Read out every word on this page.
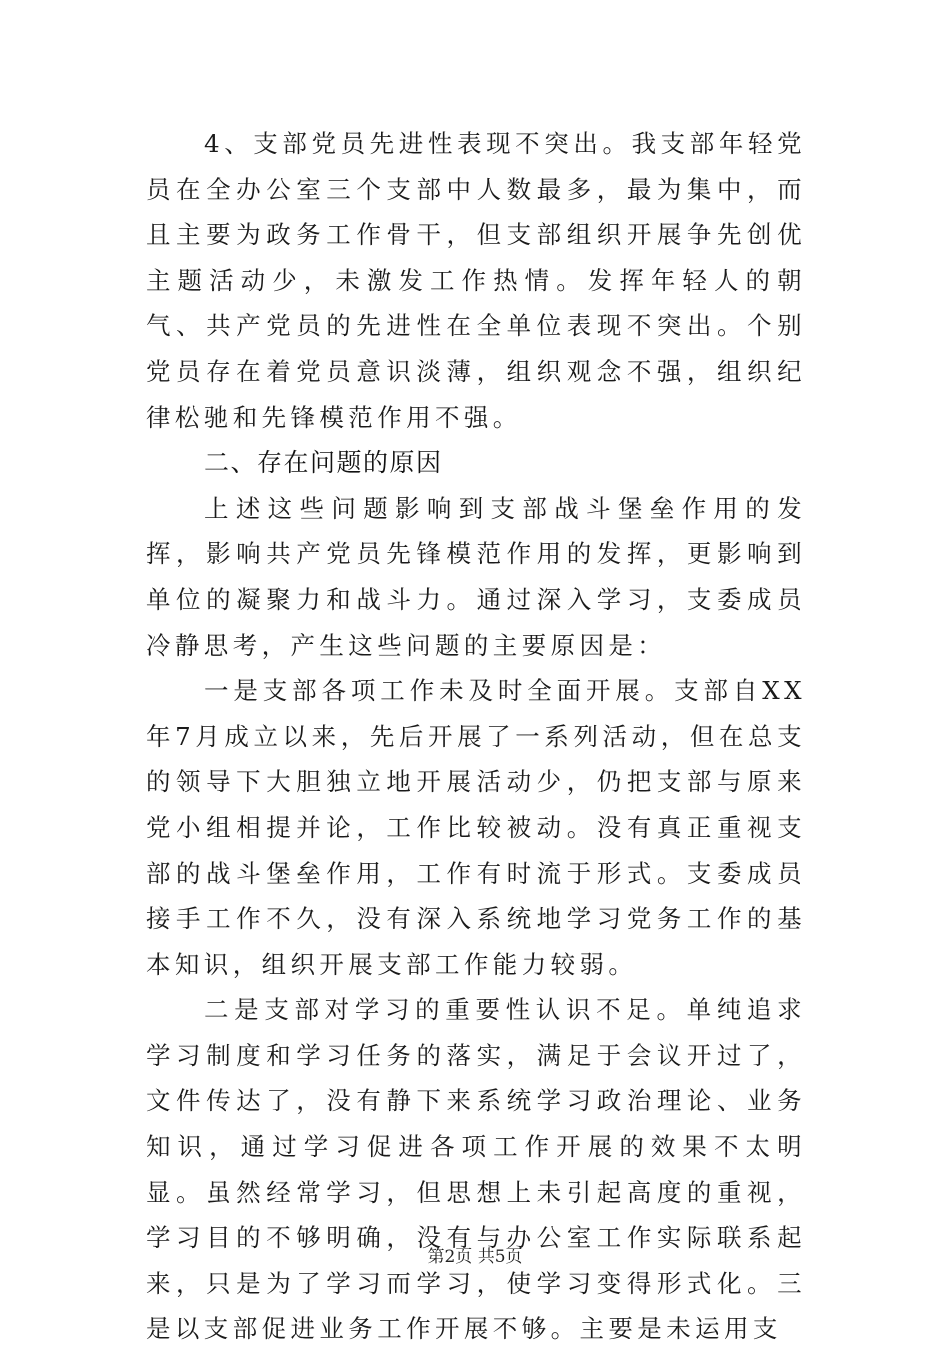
4、支部党员先进性表现不突出。我支部年轻党员在全办公室三个支部中人数最多，最为集中，而且主要为政务工作骨干，但支部组织开展争先创优主题活动少，未激发工作热情。发挥年轻人的朝气、共产党员的先进性在全单位表现不突出。个别党员存在着党员意识淡薄，组织观念不强，组织纪律松驰和先锋模范作用不强。

二、存在问题的原因

上述这些问题影响到支部战斗堡垒作用的发挥，影响共产党员先锋模范作用的发挥，更影响到单位的凝聚力和战斗力。通过深入学习，支委成员冷静思考，产生这些问题的主要原因是：

一是支部各项工作未及时全面开展。支部自XX年7月成立以来，先后开展了一系列活动，但在总支的领导下大胆独立地开展活动少，仍把支部与原来党小组相提并论，工作比较被动。没有真正重视支部的战斗堡垒作用，工作有时流于形式。支委成员接手工作不久，没有深入系统地学习党务工作的基本知识，组织开展支部工作能力较弱。

二是支部对学习的重要性认识不足。单纯追求学习制度和学习任务的落实，满足于会议开过了，文件传达了，没有静下来系统学习政治理论、业务知识，通过学习促进各项工作开展的效果不太明显。虽然经常学习，但思想上未引起高度的重视，学习目的不够明确，没有与办公室工作实际联系起来，只是为了学习而学习，使学习变得形式化。三是以支部促进业务工作开展不够。主要是未运用支

第2页 共5页
